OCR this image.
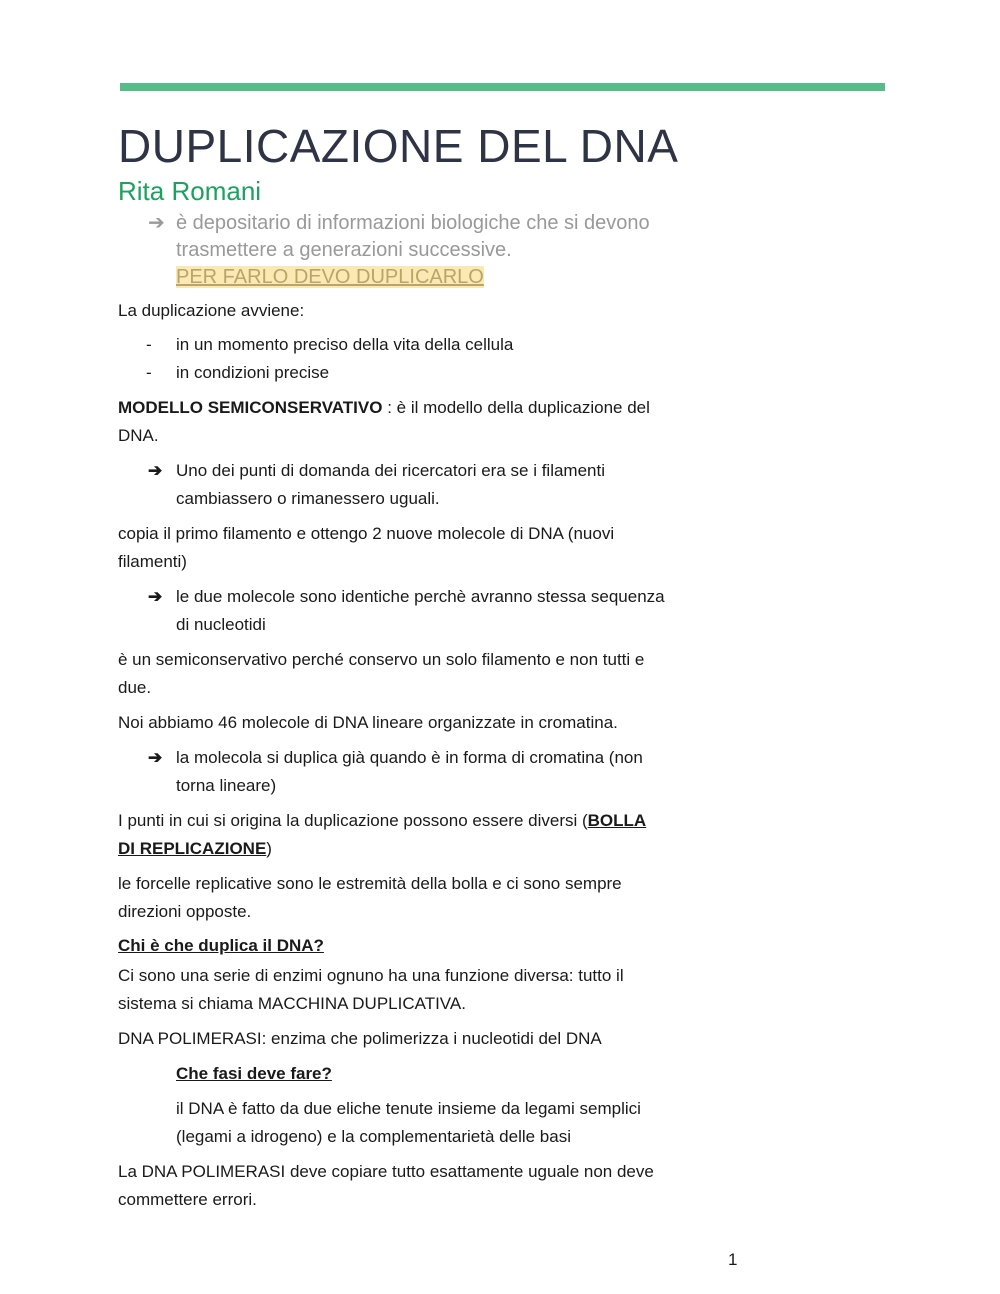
DUPLICAZIONE DEL DNA
Rita Romani
➔ è depositario di informazioni biologiche che si devono
trasmettere a generazioni successive.
PER FARLO DEVO DUPLICARLO

La duplicazione avviene:

- in un momento preciso della vita della cellula
- in condizioni precise

MODELLO SEMICONSERVATIVO : è il modello della duplicazione del
DNA.

➔ Uno dei punti di domanda dei ricercatori era se i filamenti
cambiassero o rimanessero uguali.

copia il primo filamento e ottengo 2 nuove molecole di DNA (nuovi
filamenti)

➔ le due molecole sono identiche perchè avranno stessa sequenza
di nucleotidi

è un semiconservativo perché conservo un solo filamento e non tutti e
due.

Noi abbiamo 46 molecole di DNA lineare organizzate in cromatina.

➔ la molecola si duplica già quando è in forma di cromatina (non
torna lineare)

I punti in cui si origina la duplicazione possono essere diversi (BOLLA
DI REPLICAZIONE)

le forcelle replicative sono le estremità della bolla e ci sono sempre
direzioni opposte.

Chi è che duplica il DNA?

Ci sono una serie di enzimi ognuno ha una funzione diversa: tutto il
sistema si chiama MACCHINA DUPLICATIVA.

DNA POLIMERASI: enzima che polimerizza i nucleotidi del DNA

Che fasi deve fare?

il DNA è fatto da due eliche tenute insieme da legami semplici
(legami a idrogeno) e la complementarietà delle basi

La DNA POLIMERASI deve copiare tutto esattamente uguale non deve
commettere errori.

1
